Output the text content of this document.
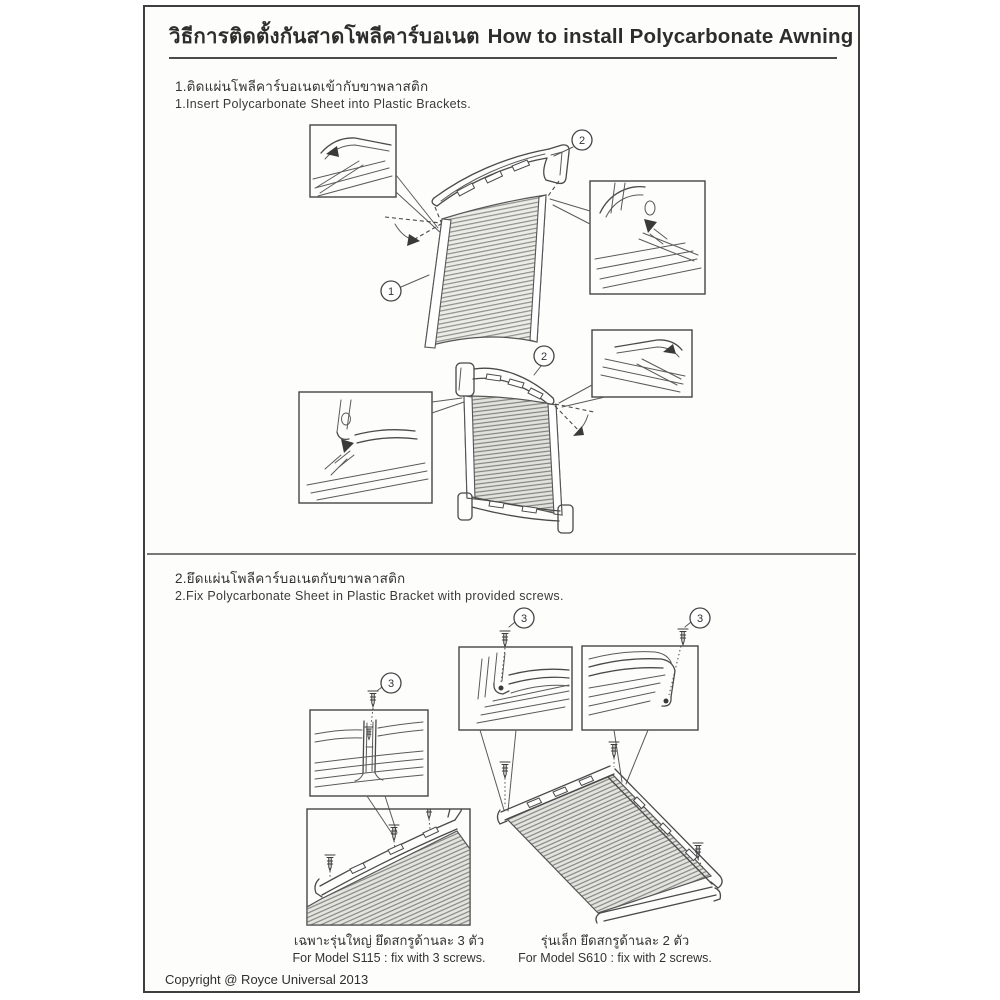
วิธีการติดตั้งกันสาดโพลีคาร์บอเนต How to install Polycarbonate Awning
1.ติดแผ่นโพลีคาร์บอเนตเข้ากับขาพลาสติก
1.Insert Polycarbonate Sheet into Plastic Brackets.
2.ยึดแผ่นโพลีคาร์บอเนตกับขาพลาสติก
2.Fix Polycarbonate Sheet in Plastic Bracket with provided screws.
2
1
2
3
3	3
เฉพาะรุ่นใหญ่ ยึดสกรูด้านละ 3 ตัว
For Model S115 : fix with 3 screws.
รุ่นเล็ก ยึดสกรูด้านละ 2 ตัว
For Model S610 : fix with 2 screws.
Copyright @ Royce Universal 2013
